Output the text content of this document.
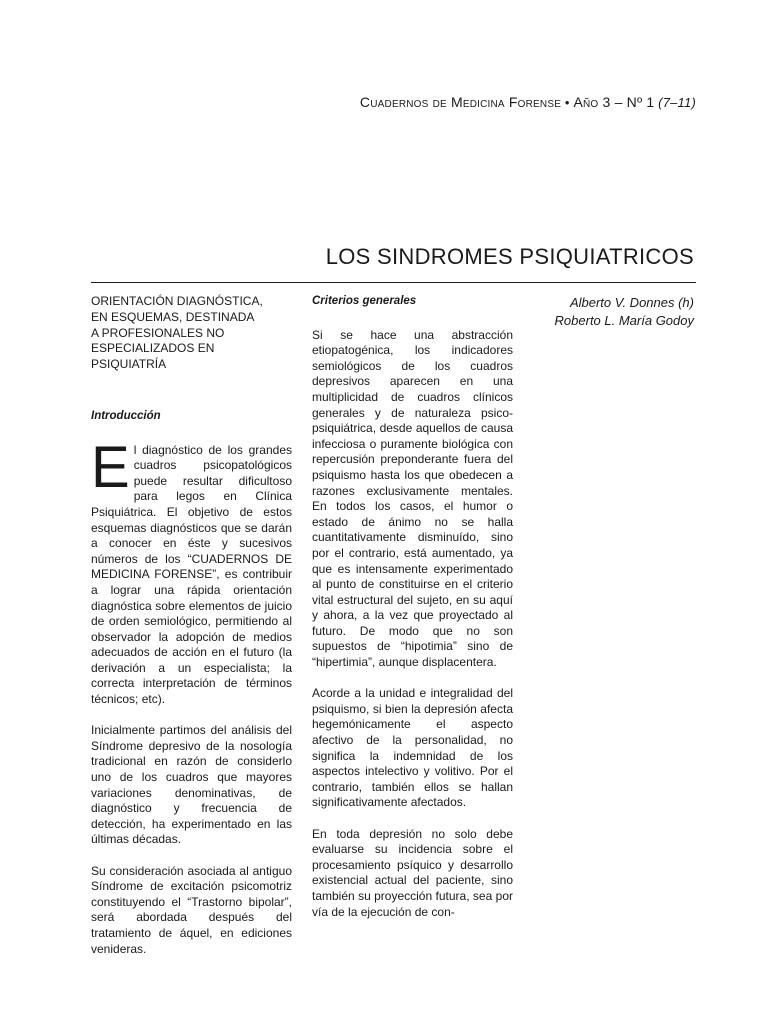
Cuadernos de Medicina Forense • Año 3 – Nº 1 (7–11)
LOS SINDROMES PSIQUIATRICOS
ORIENTACIÓN DIAGNÓSTICA,
EN ESQUEMAS, DESTINADA
A PROFESIONALES NO
ESPECIALIZADOS EN
PSIQUIATRÍA
Introducción

El diagnóstico de los grandes cuadros psicopatológicos puede resultar dificultoso para legos en Clínica Psiquiátrica. El objetivo de estos esquemas diagnósticos que se darán a conocer en éste y sucesivos números de los “CUADERNOS DE MEDICINA FORENSE”, es contribuir a lograr una rápida orientación diagnóstica sobre elementos de juicio de orden semiológico, permitiendo al observador la adopción de medios adecuados de acción en el futuro (la derivación a un especialista; la correcta interpretación de términos técnicos; etc).

Inicialmente partimos del análisis del Síndrome depresivo de la nosología tradicional en razón de considerlo uno de los cuadros que mayores variaciones denominativas, de diagnóstico y frecuencia de detección, ha experimentado en las últimas décadas.

Su consideración asociada al antiguo Síndrome de excitación psicomotriz constituyendo el “Trastorno bipolar”, será abordada después del tratamiento de áquel, en ediciones venideras.

Criterios generales

Si se hace una abstracción etiopatogénica, los indicadores semiológicos de los cuadros depresivos aparecen en una multiplicidad de cuadros clínicos generales y de naturaleza psico-psiquiátrica, desde aquellos de causa infecciosa o puramente biológica con repercusión preponderante fuera del psiquismo hasta los que obedecen a razones exclusivamente mentales. En todos los casos, el humor o estado de ánimo no se halla cuantitativamente disminuído, sino por el contrario, está aumentado, ya que es intensamente experimentado al punto de constituirse en el criterio vital estructural del sujeto, en su aquí y ahora, a la vez que proyectado al futuro. De modo que no son supuestos de “hipotimia” sino de “hipertimia”, aunque displacentera.

Acorde a la unidad e integralidad del psiquismo, si bien la depresión afecta hegemónicamente el aspecto afectivo de la personalidad, no significa la indemnidad de los aspectos intelectivo y volitivo. Por el contrario, también ellos se hallan significativamente afectados.

En toda depresión no solo debe evaluarse su incidencia sobre el procesamiento psíquico y desarrollo existencial actual del paciente, sino también su proyección futura, sea por vía de la ejecución de con-

Alberto V. Donnes (h)
Roberto L. María Godoy
